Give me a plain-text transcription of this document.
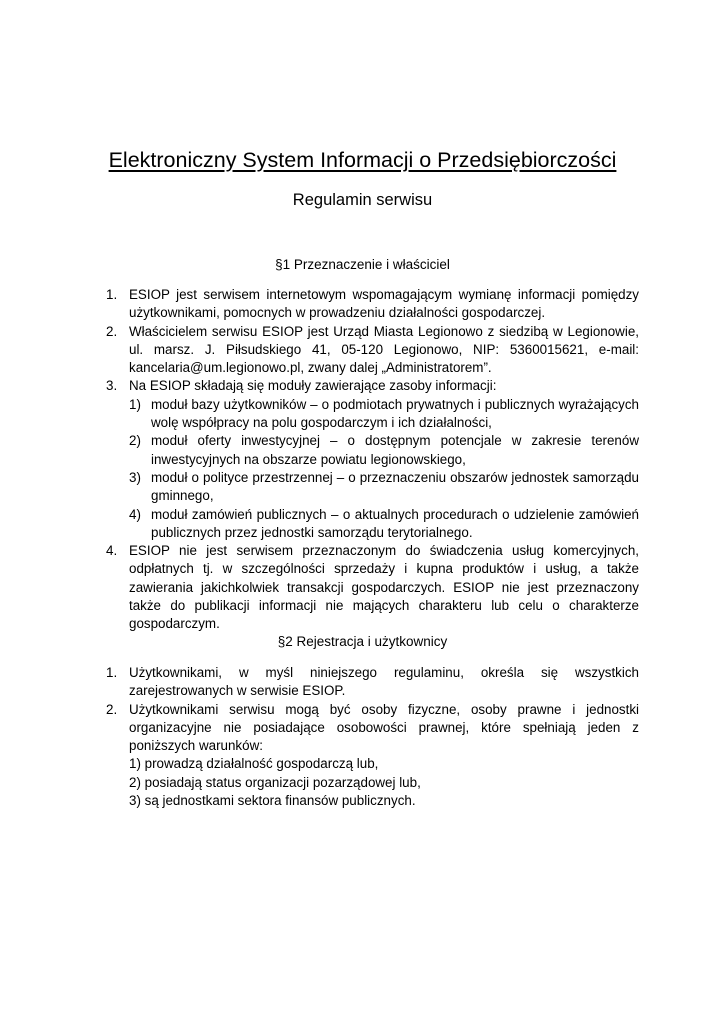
Elektroniczny System Informacji o Przedsiębiorczości
Regulamin serwisu
§1 Przeznaczenie i właściciel
1. ESIOP jest serwisem internetowym wspomagającym wymianę informacji pomiędzy użytkownikami, pomocnych w prowadzeniu działalności gospodarczej.
2. Właścicielem serwisu ESIOP jest Urząd Miasta Legionowo z siedzibą w Legionowie, ul. marsz. J. Piłsudskiego 41, 05-120 Legionowo, NIP: 5360015621, e-mail: kancelaria@um.legionowo.pl, zwany dalej „Administratorem”.
3. Na ESIOP składają się moduły zawierające zasoby informacji:
1) moduł bazy użytkowników – o podmiotach prywatnych i publicznych wyrażających wolę współpracy na polu gospodarczym i ich działalności,
2) moduł oferty inwestycyjnej – o dostępnym potencjale w zakresie terenów inwestycyjnych na obszarze powiatu legionowskiego,
3) moduł o polityce przestrzennej – o przeznaczeniu obszarów jednostek samorządu gminnego,
4) moduł zamówień publicznych – o aktualnych procedurach o udzielenie zamówień publicznych przez jednostki samorządu terytorialnego.
4. ESIOP nie jest serwisem przeznaczonym do świadczenia usług komercyjnych, odpłatnych tj. w szczególności sprzedaży i kupna produktów i usług, a także zawierania jakichkolwiek transakcji gospodarczych. ESIOP nie jest przeznaczony także do publikacji informacji nie mających charakteru lub celu o charakterze gospodarczym.
§2 Rejestracja i użytkownicy
1. Użytkownikami, w myśl niniejszego regulaminu, określa się wszystkich zarejestrowanych w serwisie ESIOP.
2. Użytkownikami serwisu mogą być osoby fizyczne, osoby prawne i jednostki organizacyjne nie posiadające osobowości prawnej, które spełniają jeden z poniższych warunków:
1) prowadzą działalność gospodarczą lub,
2) posiadają status organizacji pozarządowej lub,
3) są jednostkami sektora finansów publicznych.
